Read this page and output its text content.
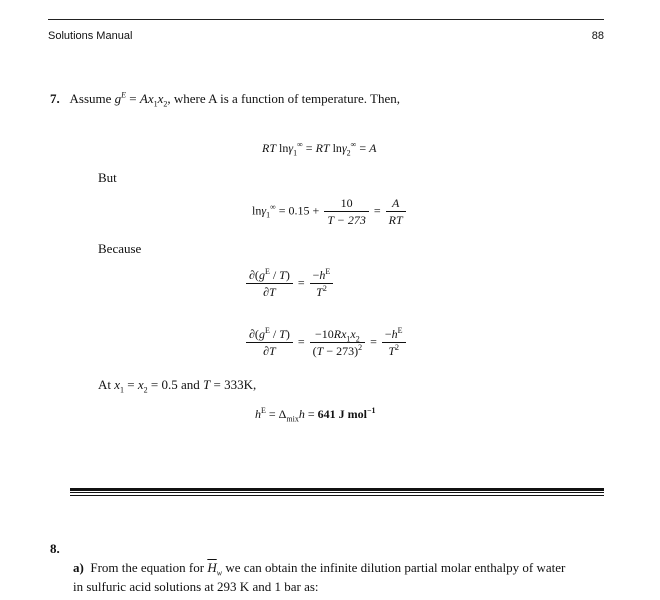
Solutions Manual	88
7. Assume $g^E = Ax_1x_2$, where A is a function of temperature. Then,
RT lnγ$_1$∞ = RT lnγ$_2$∞ = A
But
$\ln\gamma_1^\infty = 0.15 + \frac{10}{T - 273} = \frac{A}{RT}$
Because
$\frac{\partial(g^E / T)}{\partial T} = \frac{-h^E}{T^2}$
$\frac{\partial(g^E / T)}{\partial T} = \frac{-10Rx_1x_2}{(T - 273)^2} = \frac{-h^E}{T^2}$
At $x_1 = x_2 = 0.5$ and T = 333K,
$h^E = \Delta_{mix}h = 641$ J mol$^{-1}$
8.
a) From the equation for $\overline{H}_w$ we can obtain the infinite dilution partial molar enthalpy of water
in sulfuric acid solutions at 293 K and 1 bar as:
